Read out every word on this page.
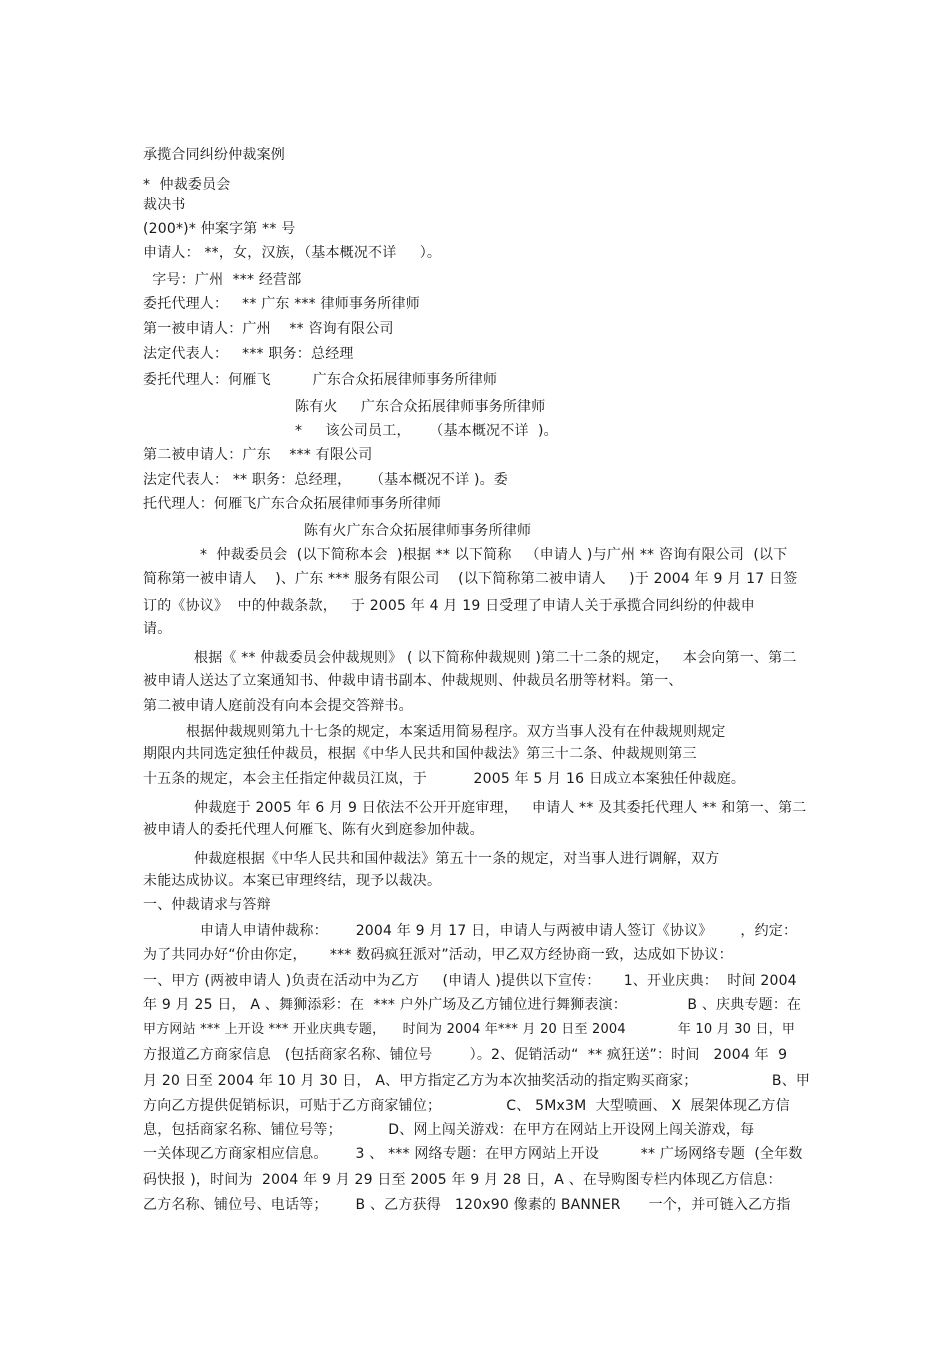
承揽合同纠纷仲裁案例
*  仲裁委员会
裁决书
(200*)* 仲案字第 ** 号
申请人： **，女，汉族，（基本概况不详     ）。
字号：广州  *** 经营部
委托代理人：   ** 广东 *** 律师事务所律师
第一被申请人：广州    ** 咨询有限公司
法定代表人：   *** 职务：总经理
委托代理人：何雁飞         广东合众拓展律师事务所律师
陈有火     广东合众拓展律师事务所律师
*     该公司员工，    （基本概况不详  )。
第二被申请人：广东    *** 有限公司
法定代表人： ** 职务：总经理，    （基本概况不详 )。委
托代理人：何雁飞广东合众拓展律师事务所律师
陈有火广东合众拓展律师事务所律师
*  仲裁委员会  (以下简称本会  )根据 ** 以下简称   （申请人 )与广州 ** 咨询有限公司  (以下
简称第一被申请人    )、广东 *** 服务有限公司    (以下简称第二被申请人     )于 2004 年 9 月 17 日签
订的《协议》  中的仲裁条款，   于 2005 年 4 月 19 日受理了申请人关于承揽合同纠纷的仲裁申
请。
根据《 ** 仲裁委员会仲裁规则》 ( 以下简称仲裁规则 )第二十二条的规定，   本会向第一、第二
被申请人送达了立案通知书、仲裁申请书副本、仲裁规则、仲裁员名册等材料。第一、
第二被申请人庭前没有向本会提交答辩书。
根据仲裁规则第九十七条的规定，本案适用简易程序。双方当事人没有在仲裁规则规定
期限内共同选定独任仲裁员，根据《中华人民共和国仲裁法》第三十二条、仲裁规则第三
十五条的规定，本会主任指定仲裁员江岚，于          2005 年 5 月 16 日成立本案独任仲裁庭。
仲裁庭于 2005 年 6 月 9 日依法不公开开庭审理，   申请人 ** 及其委托代理人 ** 和第一、第二
被申请人的委托代理人何雁飞、陈有火到庭参加仲裁。
仲裁庭根据《中华人民共和国仲裁法》第五十一条的规定，对当事人进行调解，双方
未能达成协议。本案已审理终结，现予以裁决。
一、仲裁请求与答辩
申请人申请仲裁称：      2004 年 9 月 17 日，申请人与两被申请人签订《协议》      ，约定：
为了共同办好“价由你定，     *** 数码疯狂派对”活动，甲乙双方经协商一致，达成如下协议：
一、甲方 (两被申请人 )负责在活动中为乙方     (申请人 )提供以下宣传：     1、开业庆典：  时间 2004
年 9 月 25 日， A 、舞狮添彩：在  *** 户外广场及乙方铺位进行舞狮表演：             B 、庆典专题：在
甲方网站 *** 上开设 *** 开业庆典专题，    时间为 2004 年*** 月 20 日至 2004            年 10 月 30 日，甲
方报道乙方商家信息   (包括商家名称、铺位号        ）。2、促销活动“  ** 疯狂送”：时间   2004 年  9
月 20 日至 2004 年 10 月 30 日， A、甲方指定乙方为本次抽奖活动的指定购买商家；                B、甲
方向乙方提供促销标识，可贴于乙方商家铺位；              C、 5Mx3M  大型喷画、 X  展架体现乙方信
息，包括商家名称、铺位号等；          D、网上闯关游戏：在甲方在网站上开设网上闯关游戏，每
一关体现乙方商家相应信息。      3 、 *** 网络专题：在甲方网站上开设         ** 广场网络专题  (全年数
码快报 )，时间为  2004 年 9 月 29 日至 2005 年 9 月 28 日，A 、在导购图专栏内体现乙方信息：
乙方名称、铺位号、电话等；      B 、乙方获得   120x90 像素的 BANNER      一个，并可链入乙方指
